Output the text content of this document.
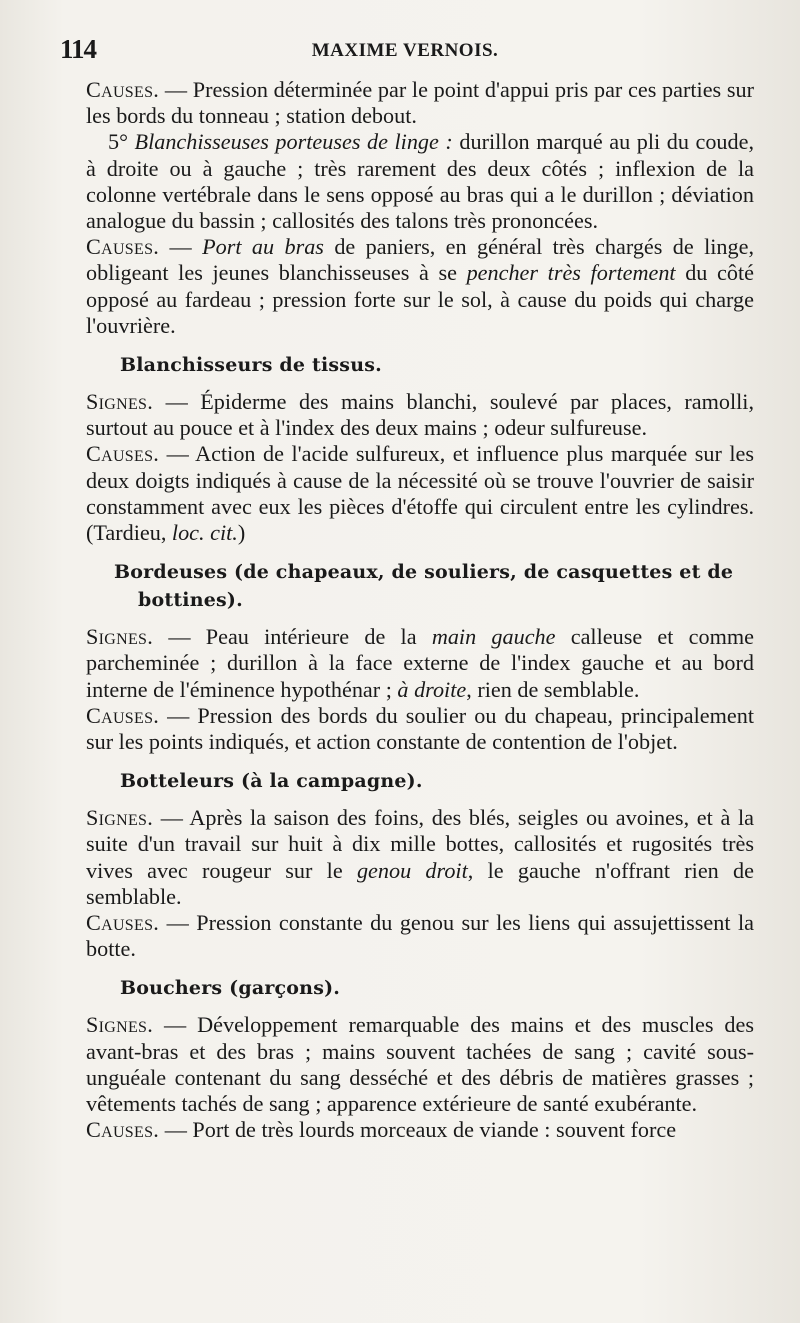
114	MAXIME VERNOIS.

Causes. — Pression déterminée par le point d'appui pris par ces parties sur les bords du tonneau ; station debout.

5° Blanchisseuses porteuses de linge : durillon marqué au pli du coude, à droite ou à gauche ; très rarement des deux côtés ; inflexion de la colonne vertébrale dans le sens opposé au bras qui a le durillon ; déviation analogue du bassin ; callosités des talons très prononcées.

Causes. — Port au bras de paniers, en général très chargés de linge, obligeant les jeunes blanchisseuses à se pencher très fortement du côté opposé au fardeau ; pression forte sur le sol, à cause du poids qui charge l'ouvrière.

Blanchisseurs de tissus.

Signes. — Épiderme des mains blanchi, soulevé par places, ramolli, surtout au pouce et à l'index des deux mains ; odeur sulfureuse.

Causes. — Action de l'acide sulfureux, et influence plus marquée sur les deux doigts indiqués à cause de la nécessité où se trouve l'ouvrier de saisir constamment avec eux les pièces d'étoffe qui circulent entre les cylindres. (Tardieu, loc. cit.)

Bordeuses (de chapeaux, de souliers, de casquettes et de bottines).

Signes. — Peau intérieure de la main gauche calleuse et comme parcheminée ; durillon à la face externe de l'index gauche et au bord interne de l'éminence hypothénar ; à droite, rien de semblable.

Causes. — Pression des bords du soulier ou du chapeau, principalement sur les points indiqués, et action constante de contention de l'objet.

Botteleurs (à la campagne).

Signes. — Après la saison des foins, des blés, seigles ou avoines, et à la suite d'un travail sur huit à dix mille bottes, callosités et rugosités très vives avec rougeur sur le genou droit, le gauche n'offrant rien de semblable.

Causes. — Pression constante du genou sur les liens qui assujettissent la botte.

Bouchers (garçons).

Signes. — Développement remarquable des mains et des muscles des avant-bras et des bras ; mains souvent tachées de sang ; cavité sous-unguéale contenant du sang desséché et des débris de matières grasses ; vêtements tachés de sang ; apparence extérieure de santé exubérante.

Causes. — Port de très lourds morceaux de viande : souvent force
